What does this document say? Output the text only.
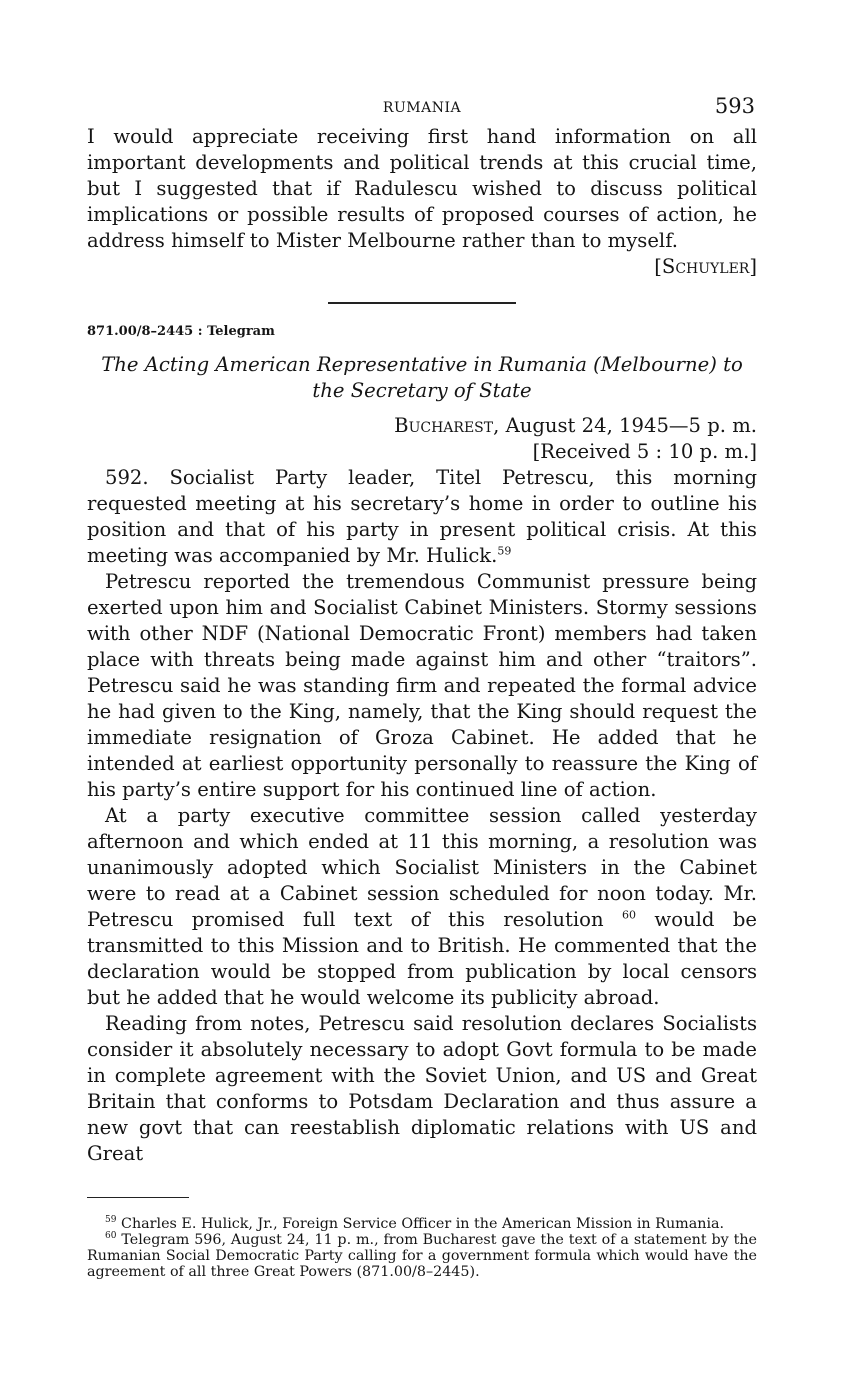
RUMANIA	593

I would appreciate receiving first hand information on all important developments and political trends at this crucial time, but I suggested that if Radulescu wished to discuss political implications or possible results of proposed courses of action, he address himself to Mister Melbourne rather than to myself.

[Schuyler]

871.00/8–2445 : Telegram
The Acting American Representative in Rumania (Melbourne) to the Secretary of State
Bucharest, August 24, 1945—5 p. m.
[Received 5 : 10 p. m.]

592. Socialist Party leader, Titel Petrescu, this morning requested meeting at his secretary’s home in order to outline his position and that of his party in present political crisis. At this meeting was accompanied by Mr. Hulick.$^{59}$

Petrescu reported the tremendous Communist pressure being exerted upon him and Socialist Cabinet Ministers. Stormy sessions with other NDF (National Democratic Front) members had taken place with threats being made against him and other “traitors”. Petrescu said he was standing firm and repeated the formal advice he had given to the King, namely, that the King should request the immediate resignation of Groza Cabinet. He added that he intended at earliest opportunity personally to reassure the King of his party’s entire support for his continued line of action.

At a party executive committee session called yesterday afternoon and which ended at 11 this morning, a resolution was unanimously adopted which Socialist Ministers in the Cabinet were to read at a Cabinet session scheduled for noon today. Mr. Petrescu promised full text of this resolution $^{60}$ would be transmitted to this Mission and to British. He commented that the declaration would be stopped from publication by local censors but he added that he would welcome its publicity abroad.

Reading from notes, Petrescu said resolution declares Socialists consider it absolutely necessary to adopt Govt formula to be made in complete agreement with the Soviet Union, and US and Great Britain that conforms to Potsdam Declaration and thus assure a new govt that can reestablish diplomatic relations with US and Great

$^{59}$ Charles E. Hulick, Jr., Foreign Service Officer in the American Mission in Rumania.

$^{60}$ Telegram 596, August 24, 11 p. m., from Bucharest gave the text of a statement by the Rumanian Social Democratic Party calling for a government formula which would have the agreement of all three Great Powers (871.00/8–2445).
